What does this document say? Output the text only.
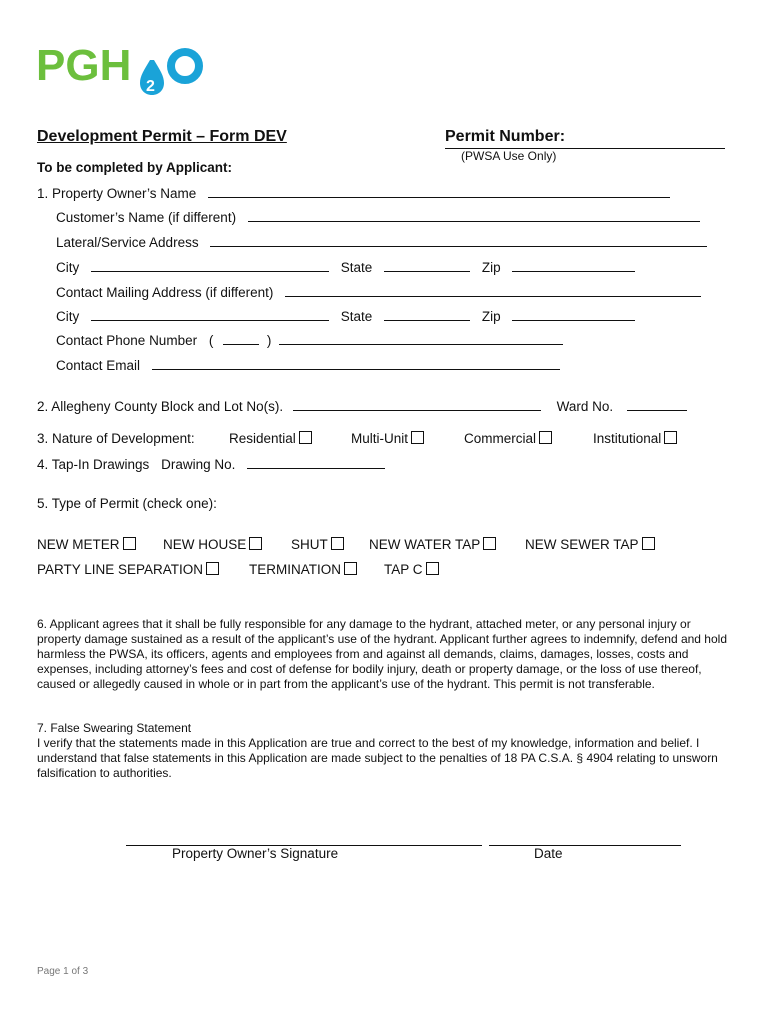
PGH 2
Development Permit – Form DEV	Permit Number:
(PWSA Use Only)
To be completed by Applicant:
1. Property Owner’s Name
Customer’s Name (if different)
Lateral/Service Address
City	State	Zip
Contact Mailing Address (if different)
City	State	Zip
Contact Phone Number (	)
Contact Email
2. Allegheny County Block and Lot No(s).	Ward No.
3. Nature of Development:	Residential	Multi-Unit	Commercial	Institutional
4. Tap-In Drawings Drawing No.
5. Type of Permit (check one):
NEW METER	NEW HOUSE	SHUT	NEW WATER TAP	NEW SEWER TAP
PARTY LINE SEPARATION	TERMINATION	TAP C
6. Applicant agrees that it shall be fully responsible for any damage to the hydrant, attached meter, or any personal injury or property damage sustained as a result of the applicant’s use of the hydrant. Applicant further agrees to indemnify, defend and hold harmless the PWSA, its officers, agents and employees from and against all demands, claims, damages, losses, costs and expenses, including attorney’s fees and cost of defense for bodily injury, death or property damage, or the loss of use thereof, caused or allegedly caused in whole or in part from the applicant’s use of the hydrant. This permit is not transferable.
7. False Swearing Statement
I verify that the statements made in this Application are true and correct to the best of my knowledge, information and belief. I understand that false statements in this Application are made subject to the penalties of 18 PA C.S.A. § 4904 relating to unsworn falsification to authorities.
Property Owner’s Signature	Date
Page 1 of 3
